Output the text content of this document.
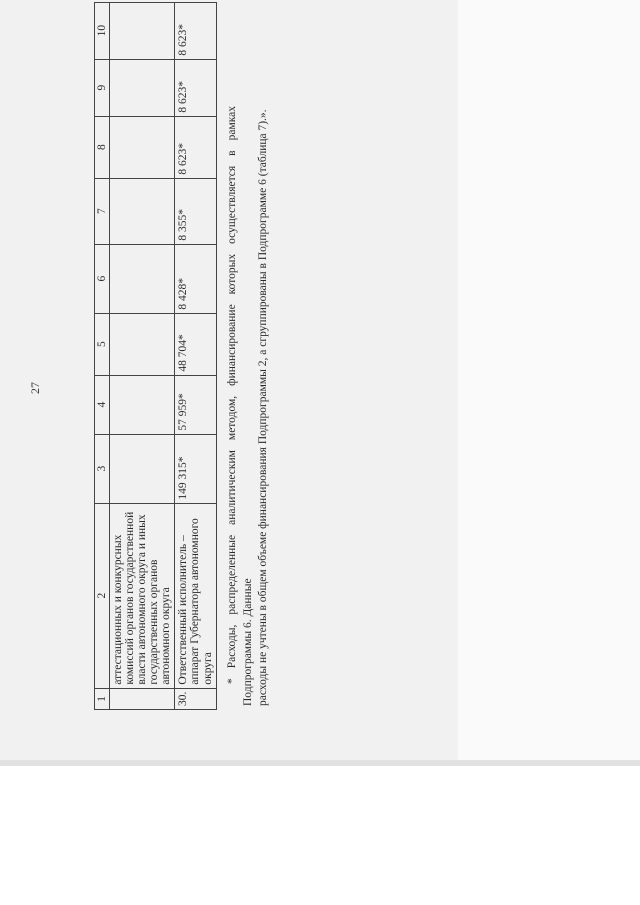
27
1	2	3	4	5	6	7	8	9	10
	аттестационных и конкурсных комиссий органов государственной власти автономного округа и иных государственных органов автономного округа								
30.	Ответственный исполнитель – аппарат Губернатора автономного округа	149 315*	57 959*	48 704*	8 428*	8 355*	8 623*	8 623*	8 623*
* Расходы, распределенные аналитическим методом, финансирование которых осуществляется в рамках Подпрограммы 6. Данные расходы не учтены в общем объеме финансирования Подпрограммы 2, а сгруппированы в Подпрограмме 6 (таблица 7).».
